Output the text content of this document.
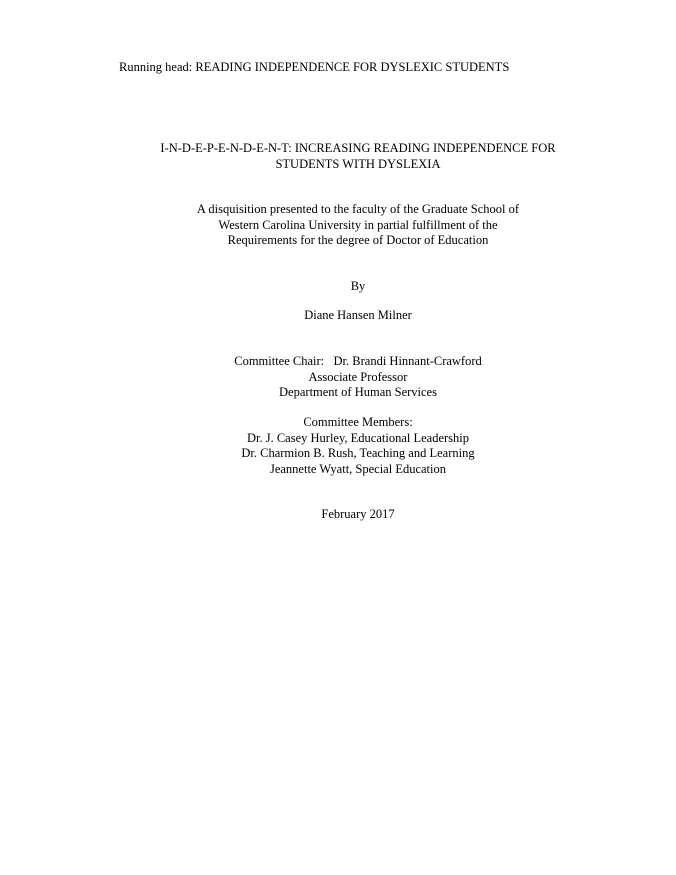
Running head: READING INDEPENDENCE FOR DYSLEXIC STUDENTS
I-N-D-E-P-E-N-D-E-N-T: INCREASING READING INDEPENDENCE FOR
STUDENTS WITH DYSLEXIA
A disquisition presented to the faculty of the Graduate School of
Western Carolina University in partial fulfillment of the
Requirements for the degree of Doctor of Education
By
Diane Hansen Milner
Committee Chair:   Dr. Brandi Hinnant-Crawford
Associate Professor
Department of Human Services
Committee Members:
Dr. J. Casey Hurley, Educational Leadership
Dr. Charmion B. Rush, Teaching and Learning
Jeannette Wyatt, Special Education
February 2017
